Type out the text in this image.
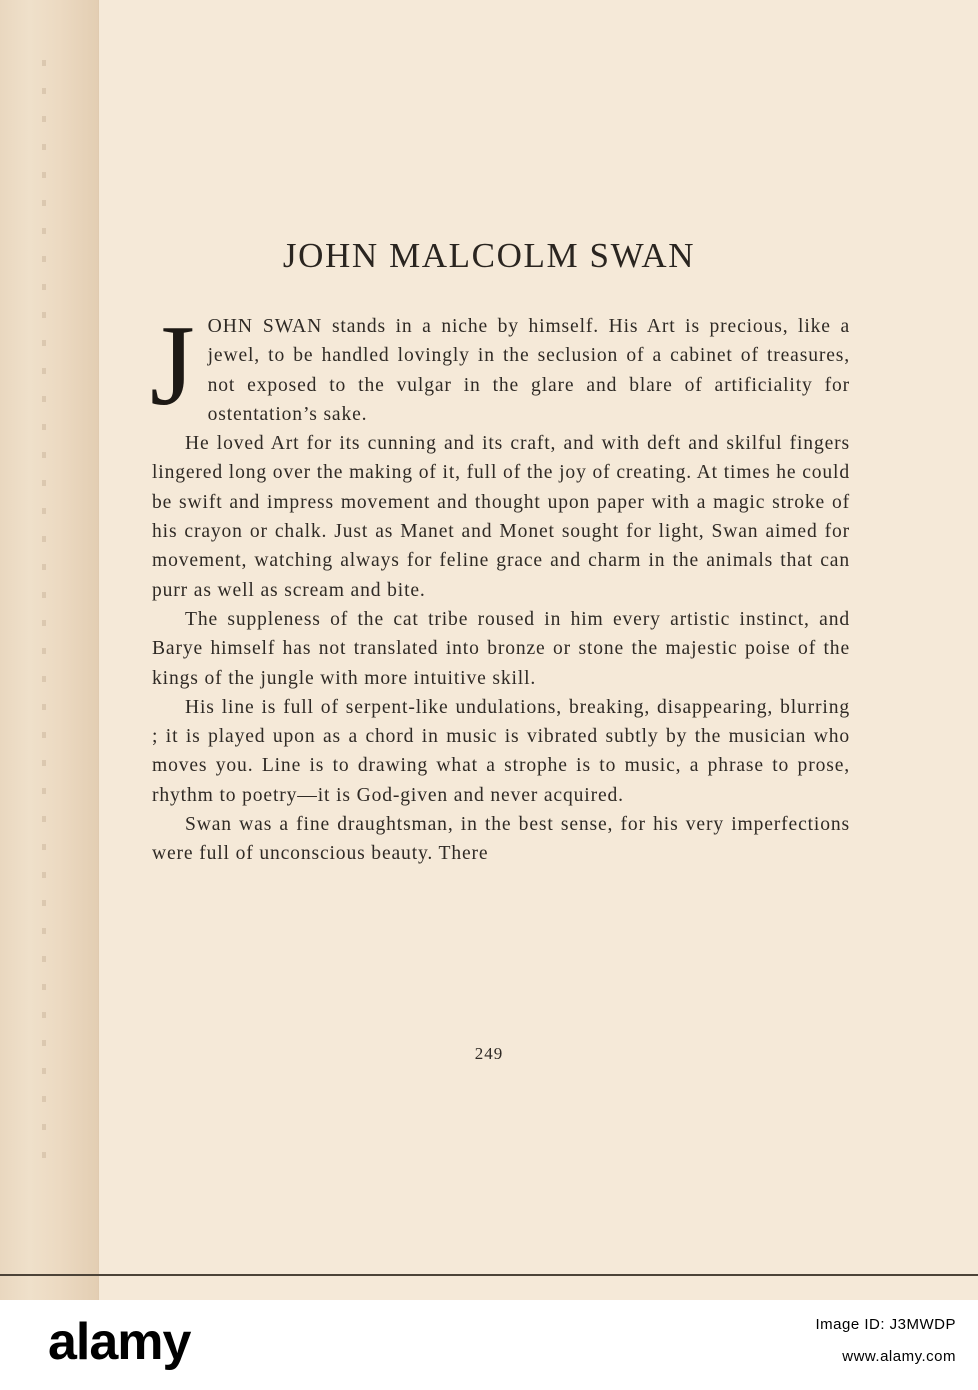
JOHN MALCOLM SWAN

JOHN SWAN stands in a niche by himself. His Art is precious, like a jewel, to be handled lovingly in the seclusion of a cabinet of treasures, not exposed to the vulgar in the glare and blare of artificiality for ostentation’s sake.

He loved Art for its cunning and its craft, and with deft and skilful fingers lingered long over the making of it, full of the joy of creating. At times he could be swift and impress movement and thought upon paper with a magic stroke of his crayon or chalk. Just as Manet and Monet sought for light, Swan aimed for movement, watching always for feline grace and charm in the animals that can purr as well as scream and bite.

The suppleness of the cat tribe roused in him every artistic instinct, and Barye himself has not translated into bronze or stone the majestic poise of the kings of the jungle with more intuitive skill.

His line is full of serpent-like undulations, breaking, disappearing, blurring ; it is played upon as a chord in music is vibrated subtly by the musician who moves you. Line is to drawing what a strophe is to music, a phrase to prose, rhythm to poetry—it is God-given and never acquired.

Swan was a fine draughtsman, in the best sense, for his very imperfections were full of unconscious beauty. There

249
alamy	Image ID: J3MWDP
www.alamy.com
